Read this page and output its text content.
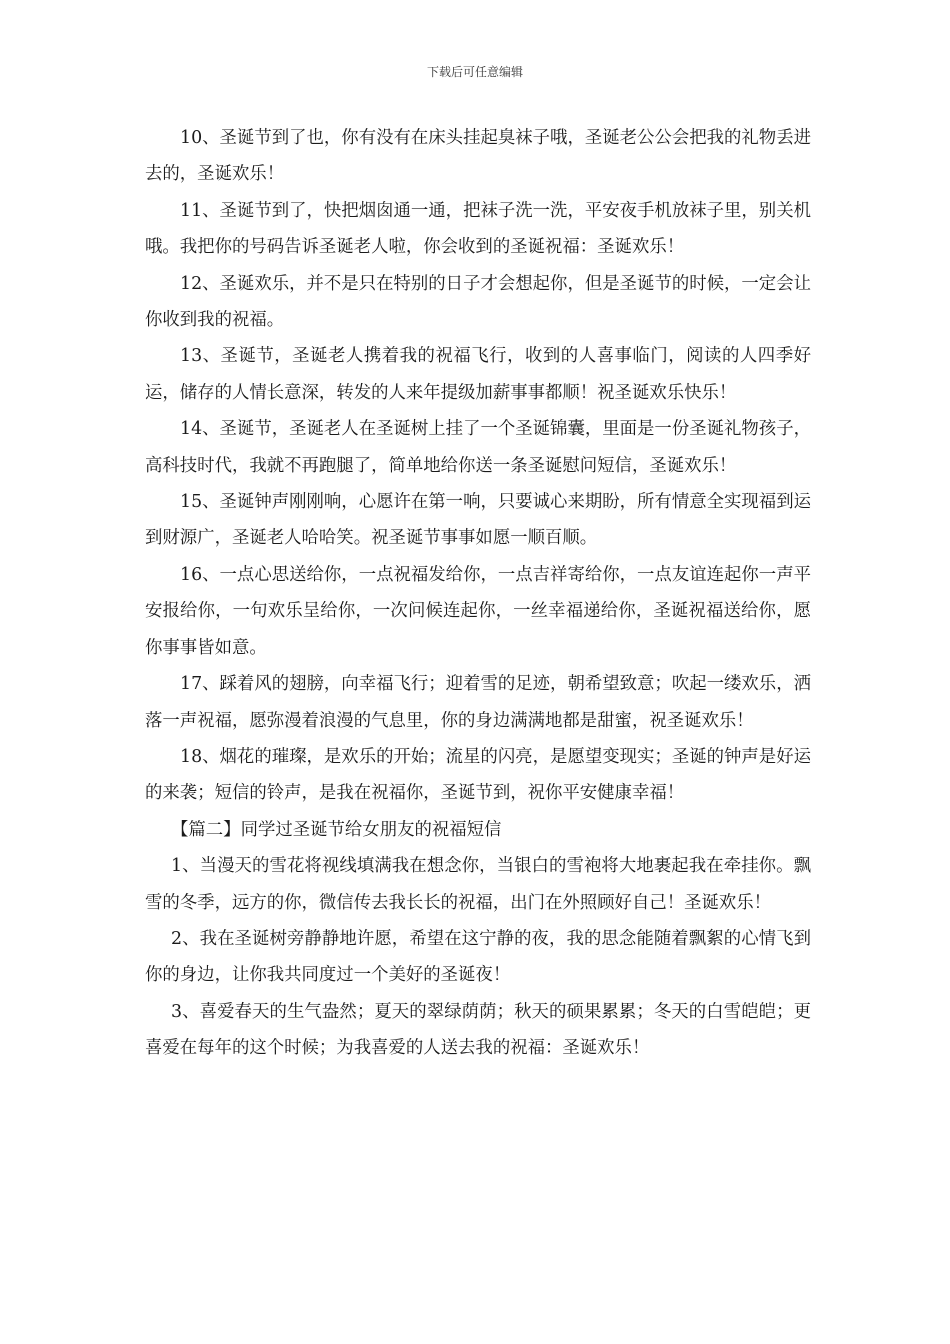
下载后可任意编辑

10、圣诞节到了也，你有没有在床头挂起臭袜子哦，圣诞老公公会把我的礼物丢进去的，圣诞欢乐！

11、圣诞节到了，快把烟囱通一通，把袜子洗一洗，平安夜手机放袜子里，别关机哦。我把你的号码告诉圣诞老人啦，你会收到的圣诞祝福：圣诞欢乐！

12、圣诞欢乐，并不是只在特别的日子才会想起你，但是圣诞节的时候，一定会让你收到我的祝福。

13、圣诞节，圣诞老人携着我的祝福飞行，收到的人喜事临门，阅读的人四季好运，储存的人情长意深，转发的人来年提级加薪事事都顺！祝圣诞欢乐快乐！

14、圣诞节，圣诞老人在圣诞树上挂了一个圣诞锦囊，里面是一份圣诞礼物孩子，高科技时代，我就不再跑腿了，简单地给你送一条圣诞慰问短信，圣诞欢乐！

15、圣诞钟声刚刚响，心愿许在第一响，只要诚心来期盼，所有情意全实现福到运到财源广，圣诞老人哈哈笑。祝圣诞节事事如愿一顺百顺。

16、一点心思送给你，一点祝福发给你，一点吉祥寄给你，一点友谊连起你一声平安报给你，一句欢乐呈给你，一次问候连起你，一丝幸福递给你，圣诞祝福送给你，愿你事事皆如意。

17、踩着风的翅膀，向幸福飞行；迎着雪的足迹，朝希望致意；吹起一缕欢乐，洒落一声祝福，愿弥漫着浪漫的气息里，你的身边满满地都是甜蜜，祝圣诞欢乐！

18、烟花的璀璨，是欢乐的开始；流星的闪亮，是愿望变现实；圣诞的钟声是好运的来袭；短信的铃声，是我在祝福你，圣诞节到，祝你平安健康幸福！

【篇二】同学过圣诞节给女朋友的祝福短信

1、当漫天的雪花将视线填满我在想念你，当银白的雪袍将大地裹起我在牵挂你。飘雪的冬季，远方的你，微信传去我长长的祝福，出门在外照顾好自己！圣诞欢乐！

2、我在圣诞树旁静静地许愿，希望在这宁静的夜，我的思念能随着飘絮的心情飞到你的身边，让你我共同度过一个美好的圣诞夜！

3、喜爱春天的生气盎然；夏天的翠绿荫荫；秋天的硕果累累；冬天的白雪皑皑；更喜爱在每年的这个时候；为我喜爱的人送去我的祝福：圣诞欢乐！
